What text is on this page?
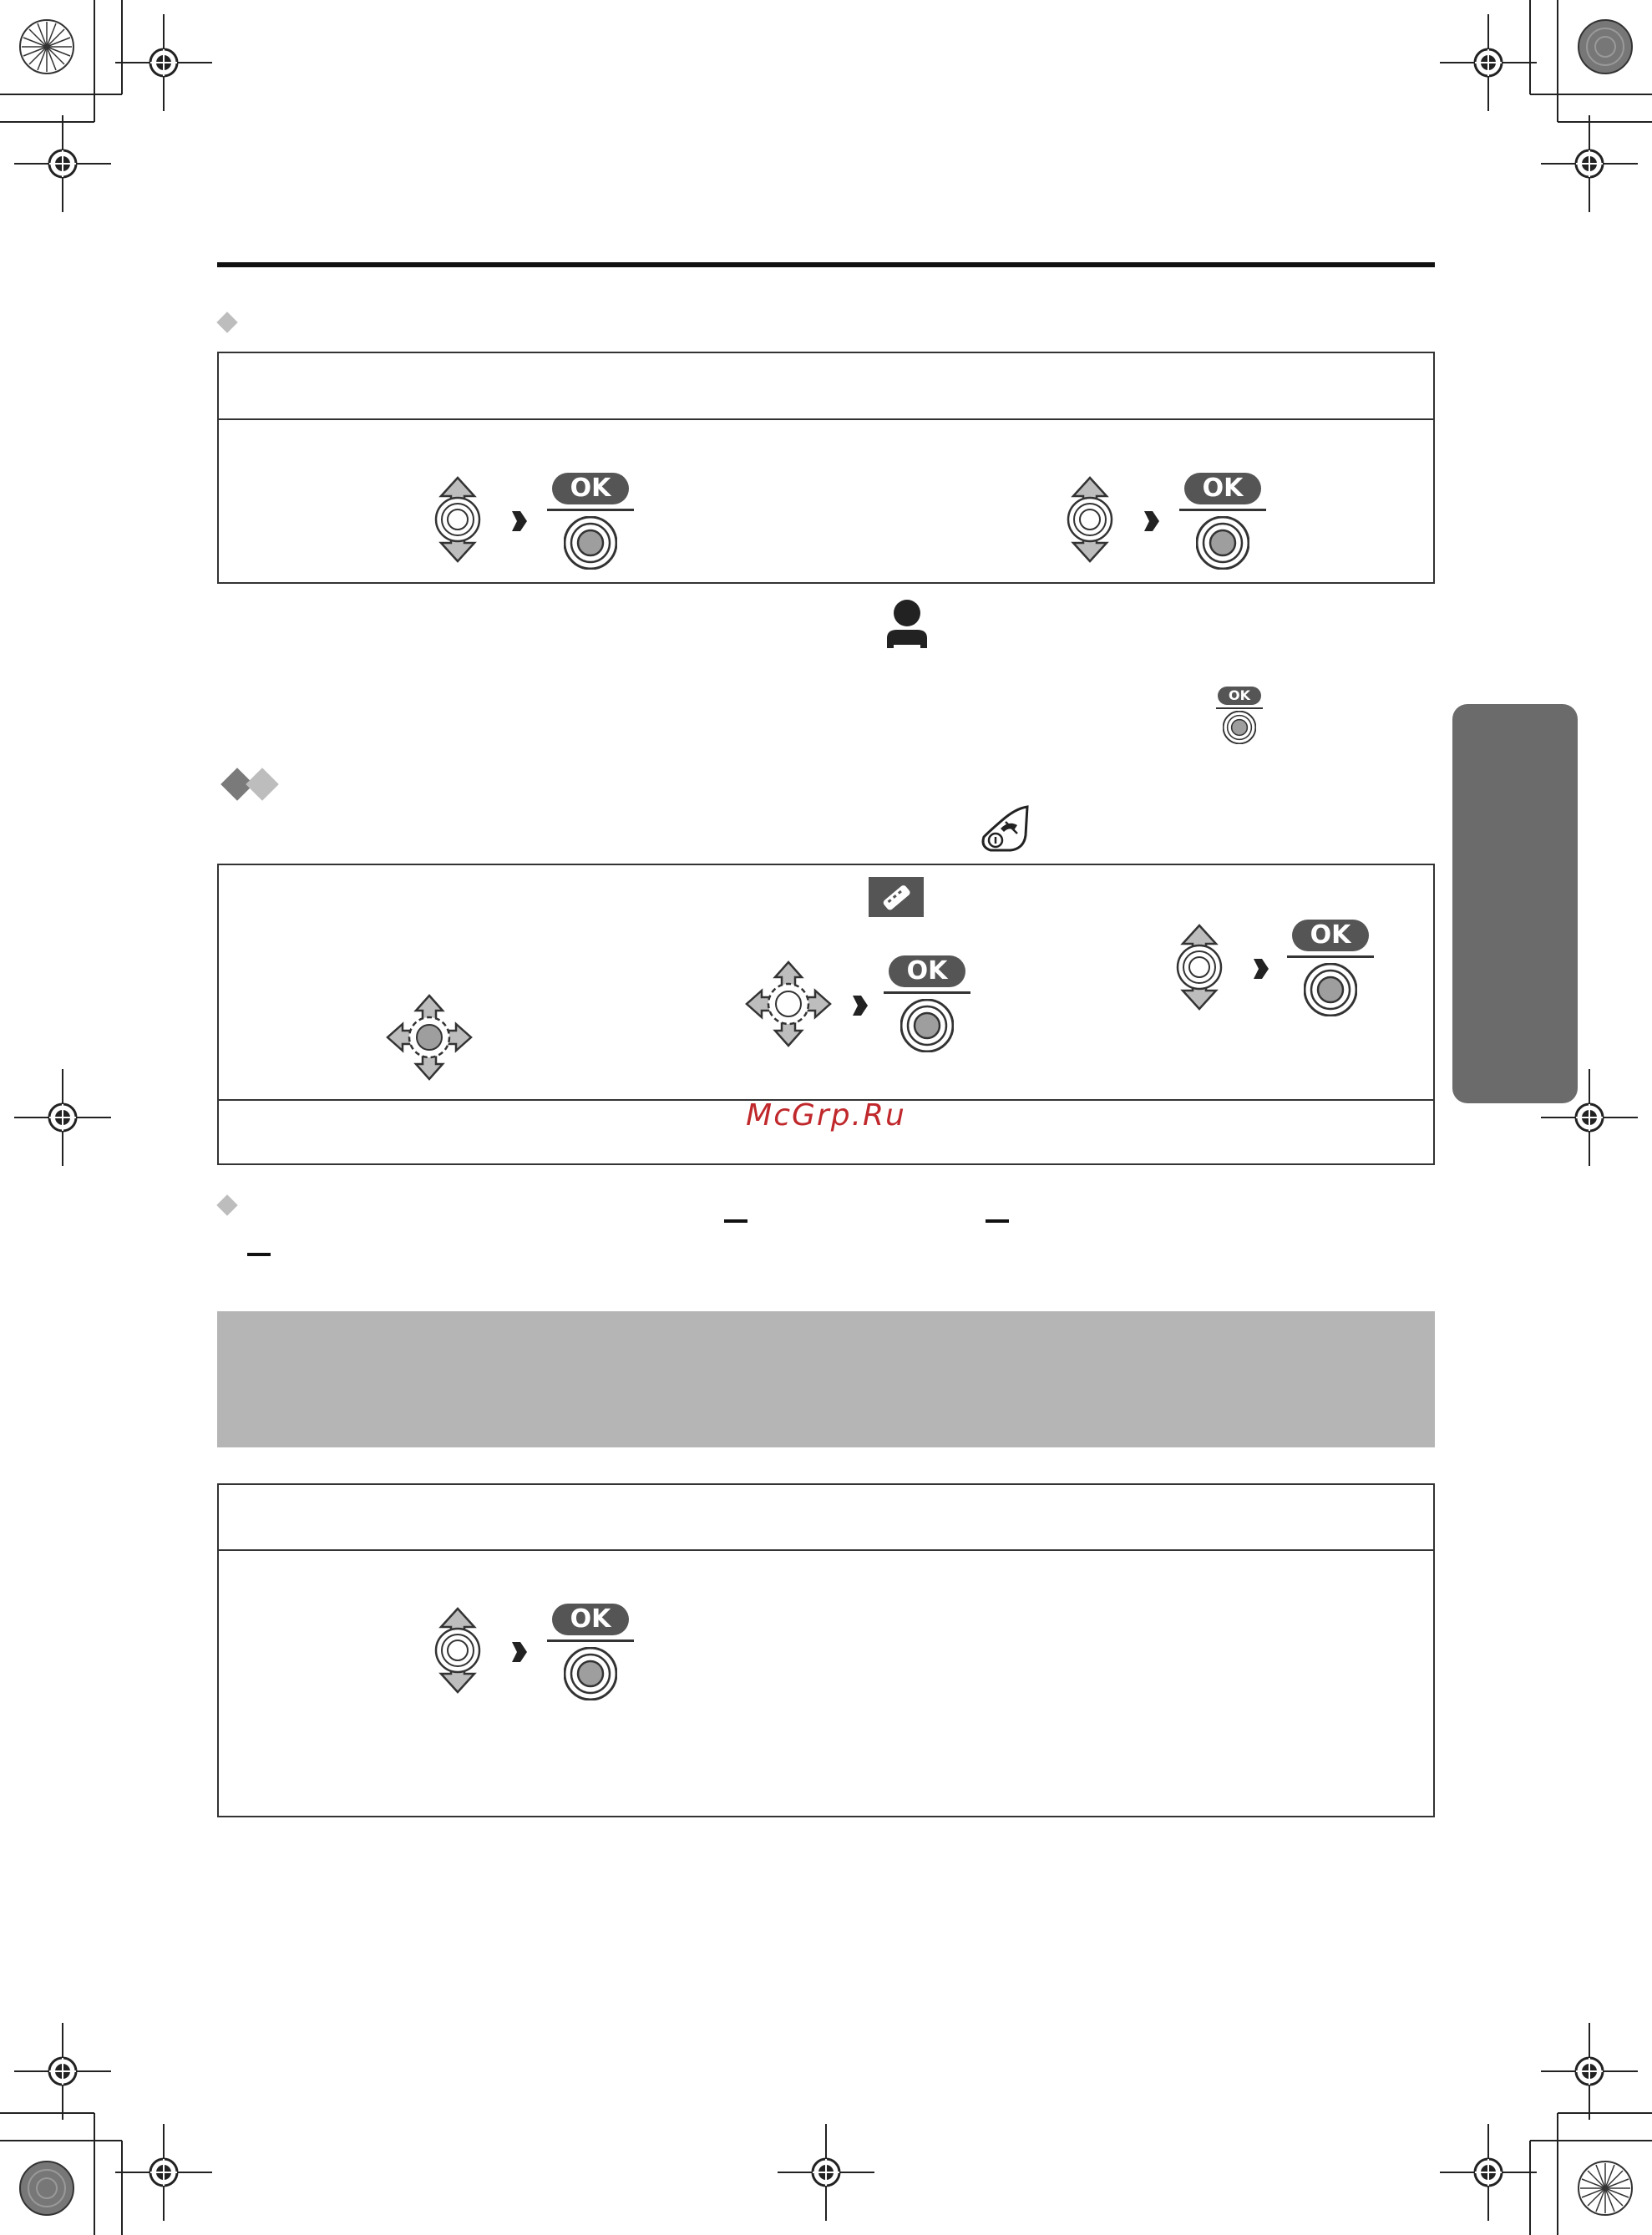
OK	OK
OK
OK
OK
McGrp.Ru
OK
